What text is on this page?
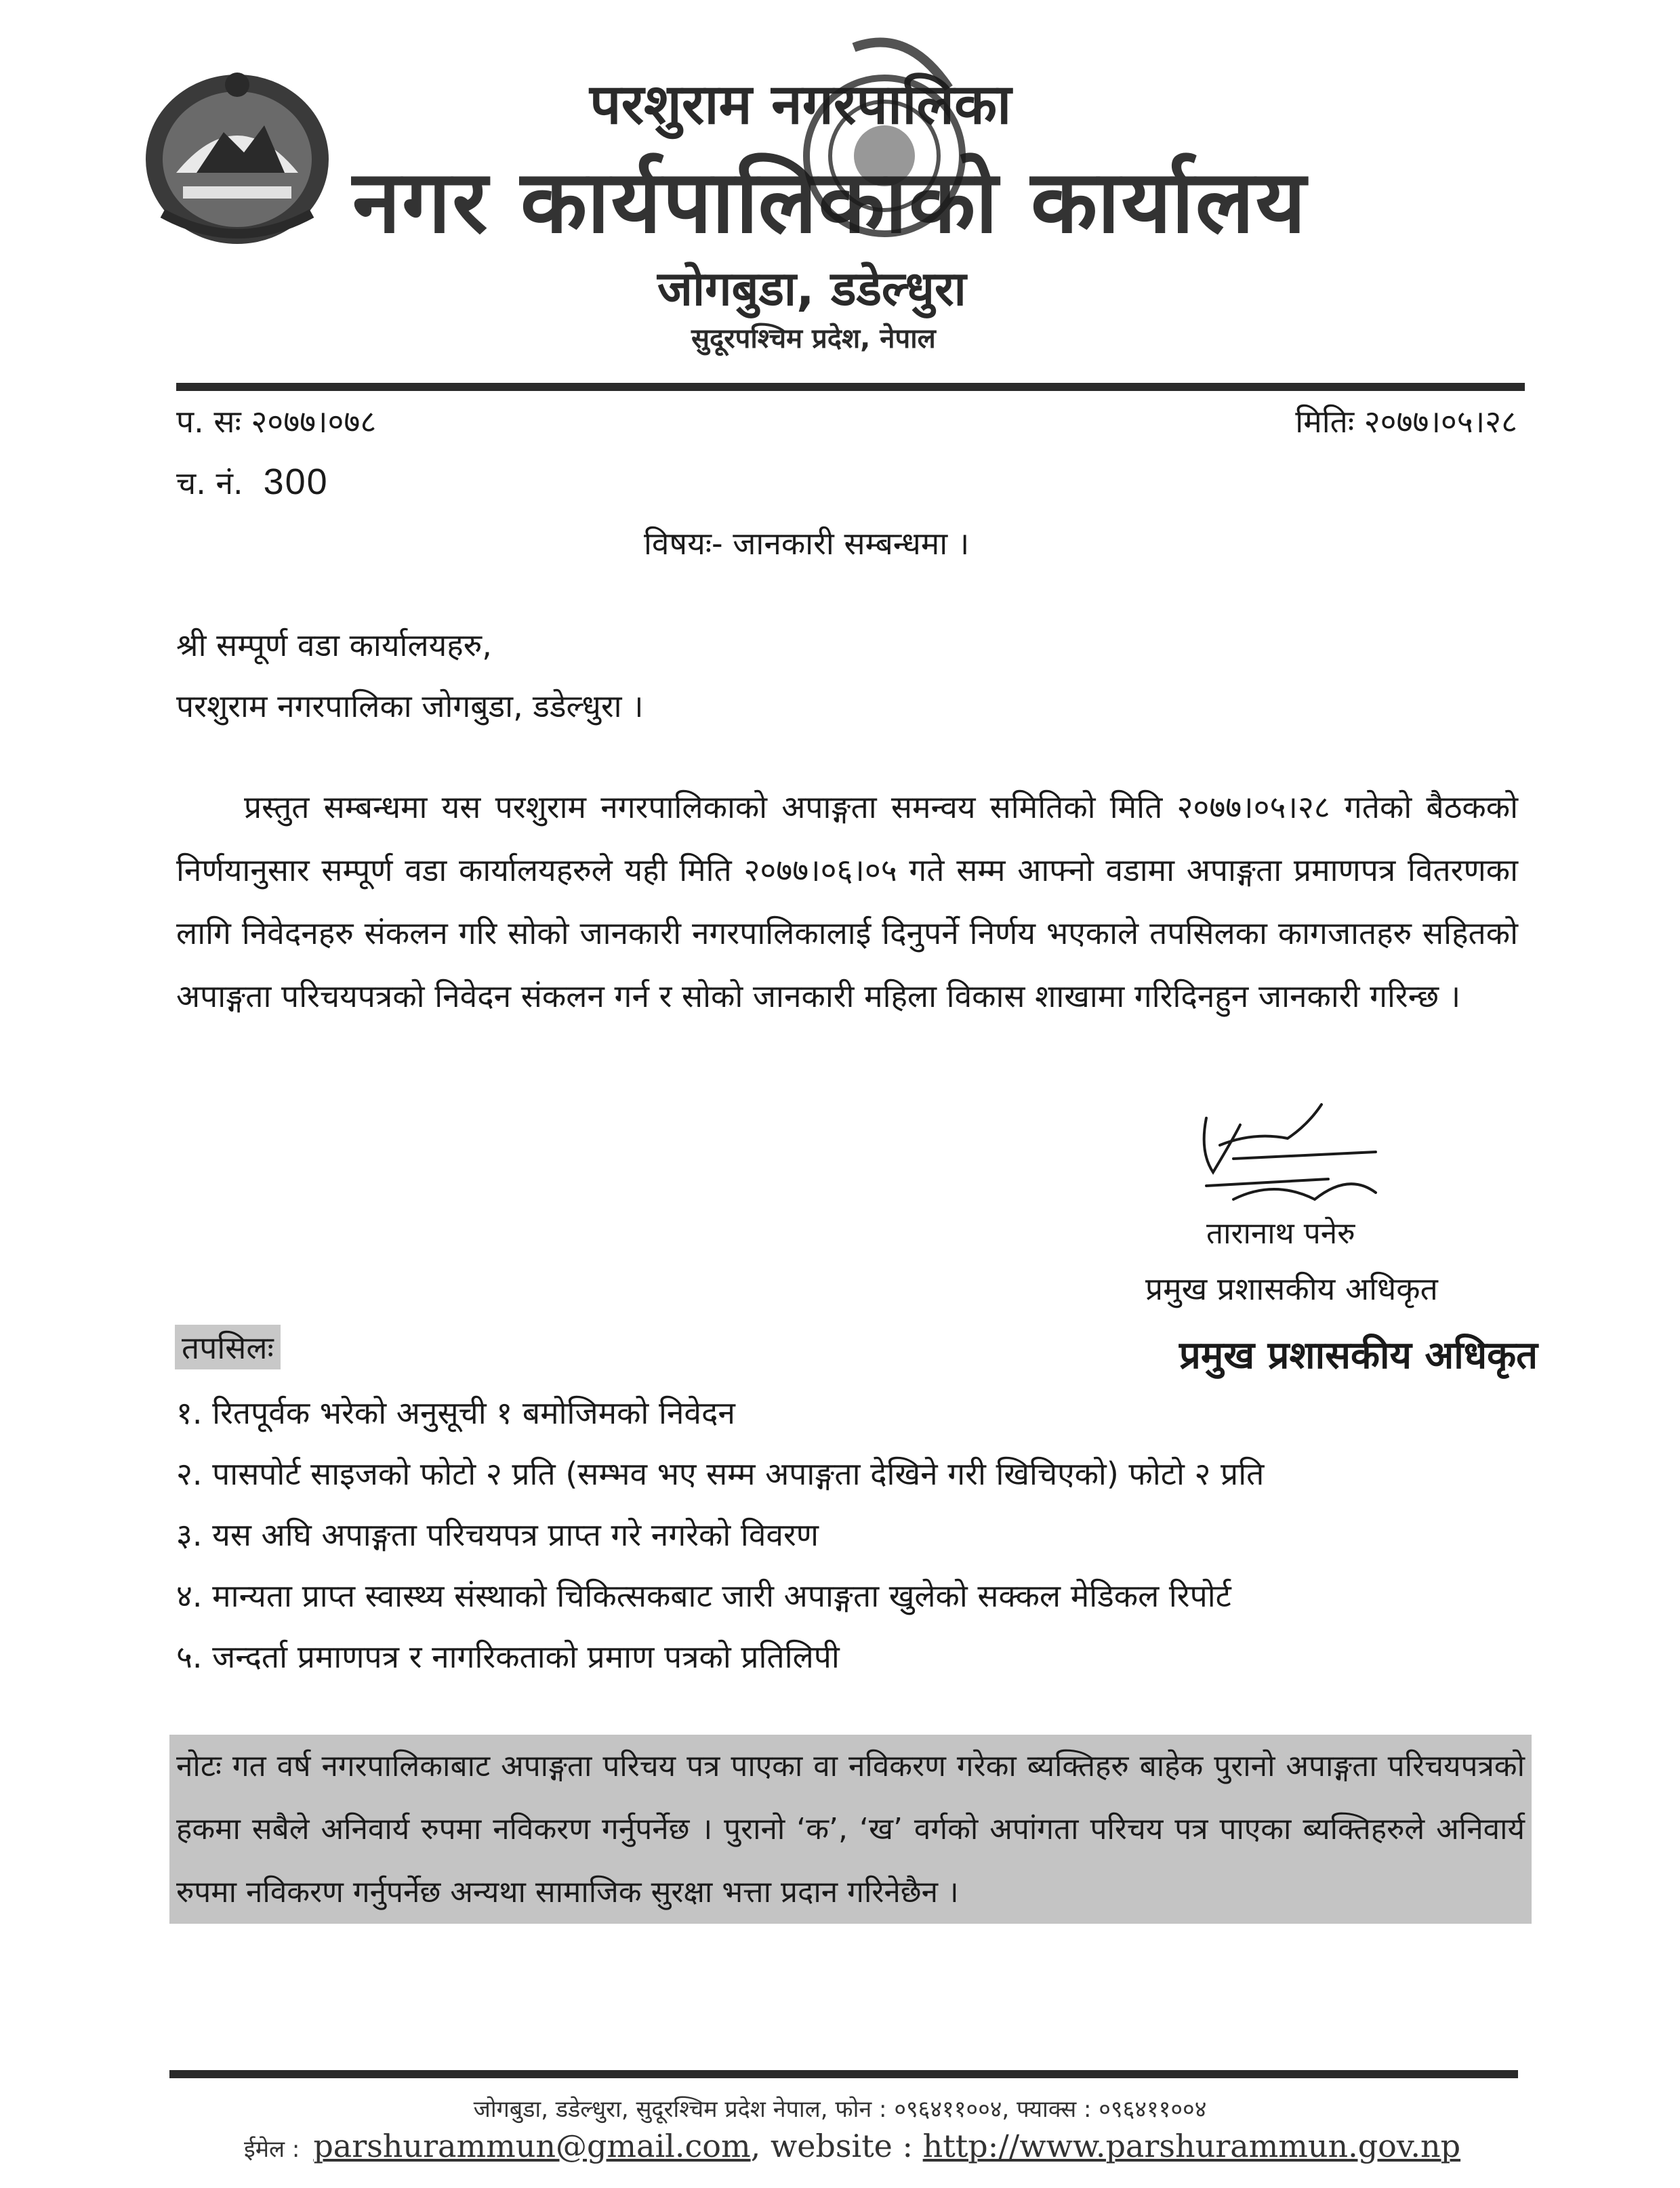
परशुराम नगरपालिका
नगर कार्यपालिकाको कार्यालय
जोगबुडा, डडेल्धुरा
सुदूरपश्चिम प्रदेश, नेपाल
प. सः २०७७।०७८	मितिः २०७७।०५।२८
च. नं. 300
विषयः- जानकारी सम्बन्धमा ।
श्री सम्पूर्ण वडा कार्यालयहरु,
परशुराम नगरपालिका जोगबुडा, डडेल्धुरा ।
प्रस्तुत सम्बन्धमा यस परशुराम नगरपालिकाको अपाङ्गता समन्वय समितिको मिति २०७७।०५।२८ गतेको बैठकको निर्णयानुसार सम्पूर्ण वडा कार्यालयहरुले यही मिति २०७७।०६।०५ गते सम्म आफ्नो वडामा अपाङ्गता प्रमाणपत्र वितरणका लागि निवेदनहरु संकलन गरि सोको जानकारी नगरपालिकालाई दिनुपर्ने निर्णय भएकाले तपसिलका कागजातहरु सहितको अपाङ्गता परिचयपत्रको निवेदन संकलन गर्न र सोको जानकारी महिला विकास शाखामा गरिदिनहुन जानकारी गरिन्छ ।
तारानाथ पनेरु
प्रमुख प्रशासकीय अधिकृत
प्रमुख प्रशासकीय अधिकृत
तपसिलः
१. रितपूर्वक भरेको अनुसूची १ बमोजिमको निवेदन
२. पासपोर्ट साइजको फोटो २ प्रति (सम्भव भए सम्म अपाङ्गता देखिने गरी खिचिएको) फोटो २ प्रति
३. यस अघि अपाङ्गता परिचयपत्र प्राप्त गरे नगरेको विवरण
४. मान्यता प्राप्त स्वास्थ्य संस्थाको चिकित्सकबाट जारी अपाङ्गता खुलेको सक्कल मेडिकल रिपोर्ट
५. जन्दर्ता प्रमाणपत्र र नागरिकताको प्रमाण पत्रको प्रतिलिपी
नोटः गत वर्ष नगरपालिकाबाट अपाङ्गता परिचय पत्र पाएका वा नविकरण गरेका ब्यक्तिहरु बाहेक पुरानो अपाङ्गता परिचयपत्रको हकमा सबैले अनिवार्य रुपमा नविकरण गर्नुपर्नेछ । पुरानो ‘क’, ‘ख’ वर्गको अपांगता परिचय पत्र पाएका ब्यक्तिहरुले अनिवार्य रुपमा नविकरण गर्नुपर्नेछ अन्यथा सामाजिक सुरक्षा भत्ता प्रदान गरिनेछैन ।
जोगबुडा, डडेल्धुरा, सुदूरश्चिम प्रदेश नेपाल, फोन : ०९६४११००४, फ्याक्स : ०९६४११००४
ईमेल : parshurammun@gmail.com, website : http://www.parshurammun.gov.np
